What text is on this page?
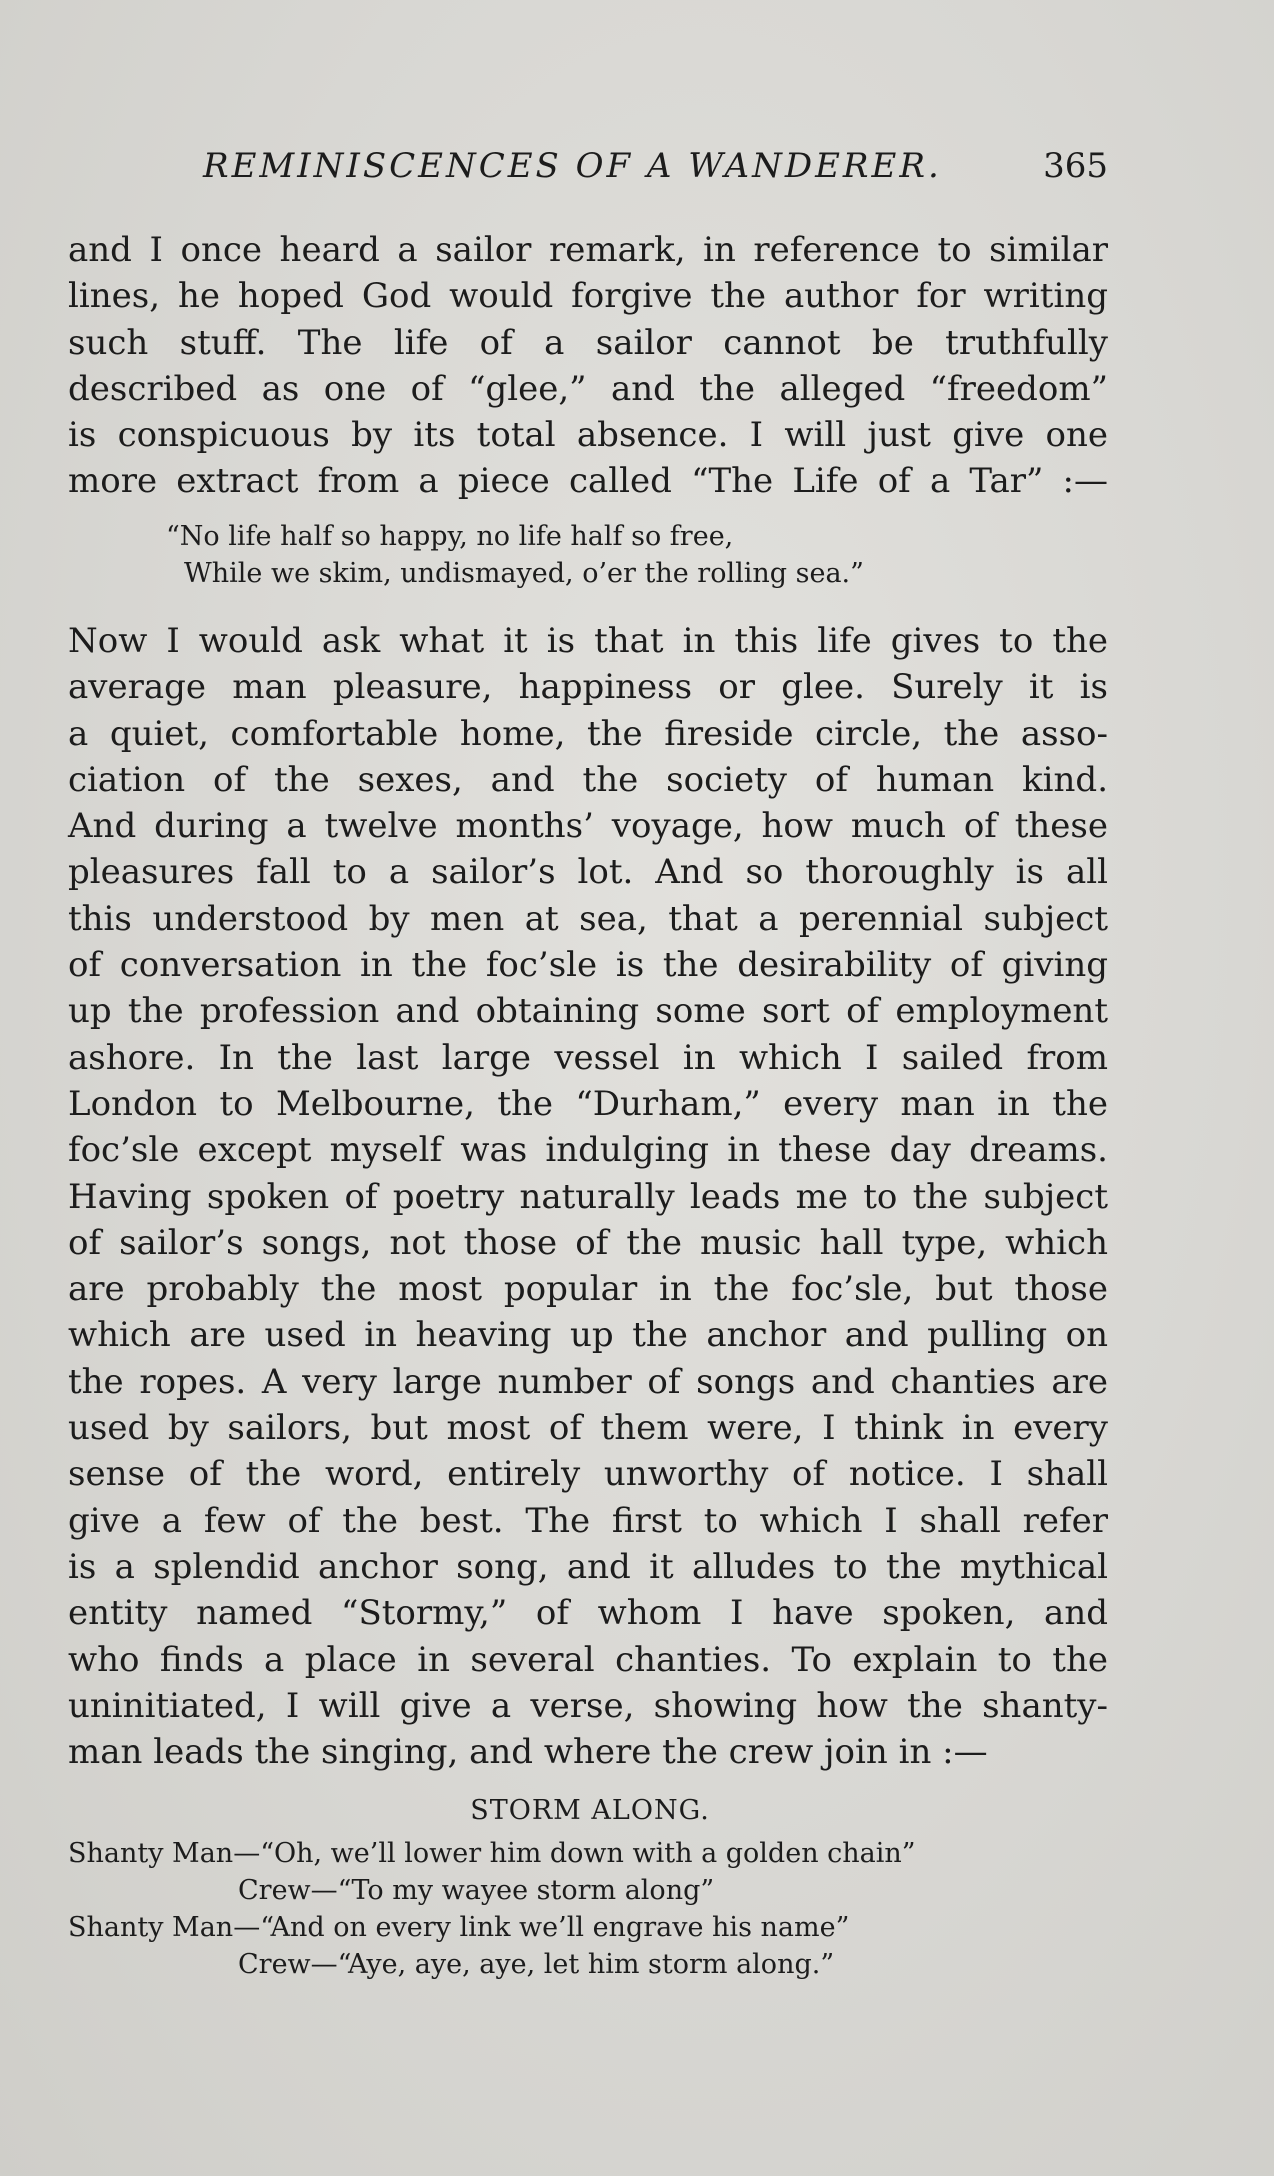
REMINISCENCES OF A WANDERER.	365

and I once heard a sailor remark, in reference to similar
lines, he hoped God would forgive the author for writing
such stuff. The life of a sailor cannot be truthfully
described as one of “glee,” and the alleged “freedom”
is conspicuous by its total absence. I will just give one
more extract from a piece called “The Life of a Tar” :—

“No life half so happy, no life half so free,
While we skim, undismayed, o’er the rolling sea.”

Now I would ask what it is that in this life gives to the
average man pleasure, happiness or glee. Surely it is
a quiet, comfortable home, the fireside circle, the asso-
ciation of the sexes, and the society of human kind.
And during a twelve months’ voyage, how much of these
pleasures fall to a sailor’s lot. And so thoroughly is all
this understood by men at sea, that a perennial subject
of conversation in the foc’sle is the desirability of giving
up the profession and obtaining some sort of employment
ashore. In the last large vessel in which I sailed from
London to Melbourne, the “Durham,” every man in the
foc’sle except myself was indulging in these day dreams.
Having spoken of poetry naturally leads me to the subject
of sailor’s songs, not those of the music hall type, which
are probably the most popular in the foc’sle, but those
which are used in heaving up the anchor and pulling on
the ropes. A very large number of songs and chanties are
used by sailors, but most of them were, I think in every
sense of the word, entirely unworthy of notice. I shall
give a few of the best. The first to which I shall refer
is a splendid anchor song, and it alludes to the mythical
entity named “Stormy,” of whom I have spoken, and
who finds a place in several chanties. To explain to the
uninitiated, I will give a verse, showing how the shanty-
man leads the singing, and where the crew join in :—

STORM ALONG.
Shanty Man—“Oh, we’ll lower him down with a golden chain”
Crew—“To my wayee storm along”
Shanty Man—“And on every link we’ll engrave his name”
Crew—“Aye, aye, aye, let him storm along.”
